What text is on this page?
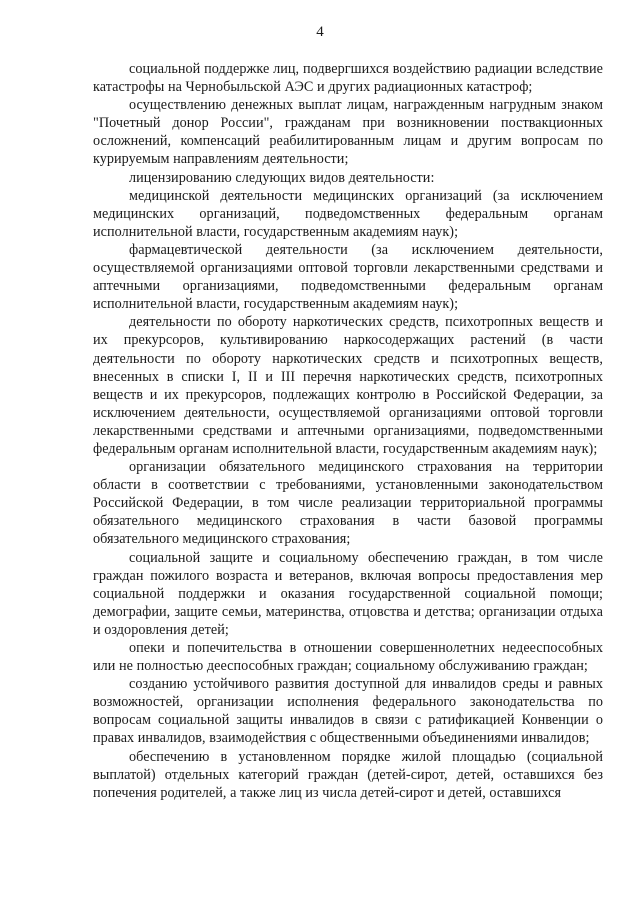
4

социальной поддержке лиц, подвергшихся воздействию радиации вследствие катастрофы на Чернобыльской АЭС и других радиационных катастроф;

осуществлению денежных выплат лицам, награжденным нагрудным знаком "Почетный донор России", гражданам при возникновении поствакционных осложнений, компенсаций реабилитированным лицам и другим вопросам по курируемым направлениям деятельности;

лицензированию следующих видов деятельности:

медицинской деятельности медицинских организаций (за исключением медицинских организаций, подведомственных федеральным органам исполнительной власти, государственным академиям наук);

фармацевтической деятельности (за исключением деятельности, осуществляемой организациями оптовой торговли лекарственными средствами и аптечными организациями, подведомственными федеральным органам исполнительной власти, государственным академиям наук);

деятельности по обороту наркотических средств, психотропных веществ и их прекурсоров, культивированию наркосодержащих растений (в части деятельности по обороту наркотических средств и психотропных веществ, внесенных в списки I, II и III перечня наркотических средств, психотропных веществ и их прекурсоров, подлежащих контролю в Российской Федерации, за исключением деятельности, осуществляемой организациями оптовой торговли лекарственными средствами и аптечными организациями, подведомственными федеральным органам исполнительной власти, государственным академиям наук);

организации обязательного медицинского страхования на территории области в соответствии с требованиями, установленными законодательством Российской Федерации, в том числе реализации территориальной программы обязательного медицинского страхования в части базовой программы обязательного медицинского страхования;

социальной защите и социальному обеспечению граждан, в том числе граждан пожилого возраста и ветеранов, включая вопросы предоставления мер социальной поддержки и оказания государственной социальной помощи; демографии, защите семьи, материнства, отцовства и детства; организации отдыха и оздоровления детей;

опеки и попечительства в отношении совершеннолетних недееспособных или не полностью дееспособных граждан; социальному обслуживанию граждан;

созданию устойчивого развития доступной для инвалидов среды и равных возможностей, организации исполнения федерального законодательства по вопросам социальной защиты инвалидов в связи с ратификацией Конвенции о правах инвалидов, взаимодействия с общественными объединениями инвалидов;

обеспечению в установленном порядке жилой площадью (социальной выплатой) отдельных категорий граждан (детей-сирот, детей, оставшихся без попечения родителей, а также лиц из числа детей-сирот и детей, оставшихся
